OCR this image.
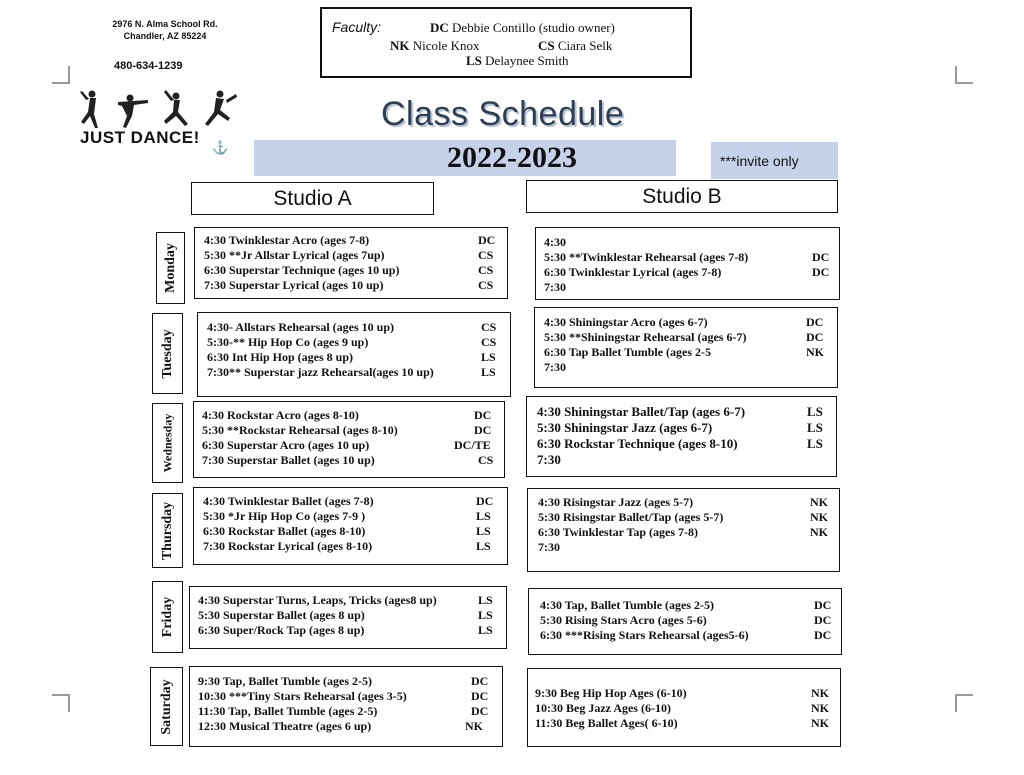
2976 N. Alma School Rd.
Chandler, AZ 85224
480-634-1239
JUST DANCE!
⚓
Faculty:	DC Debbie Contillo (studio owner)
NK Nicole Knox	CS Ciara Selk
LS Delaynee Smith
Class Schedule
2022-2023	***invite only
Studio A	Studio B
Monday
Tuesday
Wednesday
Thursday
Friday
Saturday
4:30 Twinklestar Acro (ages 7-8)	DC
5:30 **Jr Allstar Lyrical (ages 7up)	CS
6:30 Superstar Technique (ages 10 up)	CS
7:30 Superstar Lyrical (ages 10 up)	CS
4:30- Allstars Rehearsal (ages 10 up)	CS
5:30-** Hip Hop Co (ages 9 up)	CS
6:30 Int Hip Hop (ages 8 up)	LS
7:30** Superstar jazz Rehearsal(ages 10 up)	LS
4:30 Rockstar Acro (ages 8-10)	DC
5:30 **Rockstar Rehearsal (ages 8-10)	DC
6:30 Superstar Acro (ages 10 up)	DC/TE
7:30 Superstar Ballet (ages 10 up)	CS
4:30 Twinklestar Ballet (ages 7-8)	DC
5:30 *Jr Hip Hop Co (ages 7-9 )	LS
6:30 Rockstar Ballet (ages 8-10)	LS
7:30 Rockstar Lyrical (ages 8-10)	LS
4:30 Superstar Turns, Leaps, Tricks (ages8 up)	LS
5:30 Superstar Ballet (ages 8 up)	LS
6:30 Super/Rock Tap (ages 8 up)	LS
9:30 Tap, Ballet Tumble (ages 2-5)	DC
10:30 ***Tiny Stars Rehearsal (ages 3-5)	DC
11:30 Tap, Ballet Tumble (ages 2-5)	DC
12:30 Musical Theatre (ages 6 up)	NK
4:30
5:30 **Twinklestar Rehearsal (ages 7-8)	DC
6:30 Twinklestar Lyrical (ages 7-8)	DC
7:30
4:30 Shiningstar Acro (ages 6-7)	DC
5:30 **Shiningstar Rehearsal (ages 6-7)	DC
6:30 Tap Ballet Tumble (ages 2-5	NK
7:30
4:30 Shiningstar Ballet/Tap (ages 6-7)	LS
5:30 Shiningstar Jazz (ages 6-7)	LS
6:30 Rockstar Technique (ages 8-10)	LS
7:30
4:30 Risingstar Jazz (ages 5-7)	NK
5:30 Risingstar Ballet/Tap (ages 5-7)	NK
6:30 Twinklestar Tap (ages 7-8)	NK
7:30
4:30 Tap, Ballet Tumble (ages 2-5)	DC
5:30 Rising Stars Acro (ages 5-6)	DC
6:30 ***Rising Stars Rehearsal (ages5-6)	DC
9:30 Beg Hip Hop Ages (6-10)	NK
10:30 Beg Jazz Ages (6-10)	NK
11:30 Beg Ballet Ages( 6-10)	NK
